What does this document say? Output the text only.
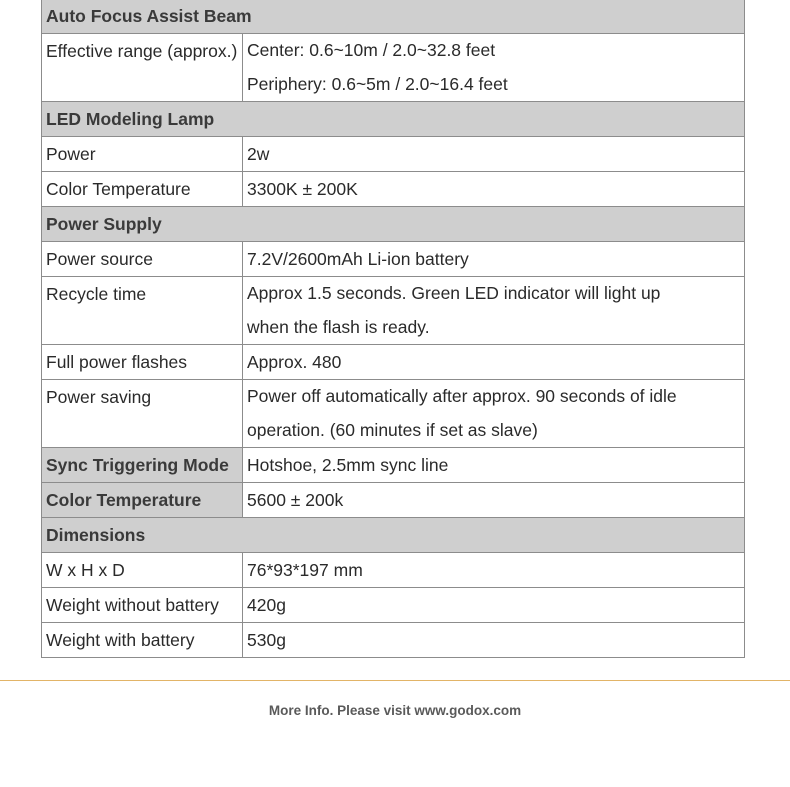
Auto Focus Assist Beam	
Effective range (approx.)	Center: 0.6~10m / 2.0~32.8 feet
Periphery: 0.6~5m / 2.0~16.4 feet

LED Modeling Lamp	
Power	2w
Color Temperature	3300K ± 200K
Power Supply	
Power source	7.2V/2600mAh Li-ion battery
Recycle time	Approx 1.5 seconds. Green LED indicator will light up
when the flash is ready.

Full power flashes	Approx. 480
Power saving	Power off automatically after approx. 90 seconds of idle
operation. (60 minutes if set as slave)

Sync Triggering Mode	Hotshoe, 2.5mm sync line
Color Temperature	5600 ± 200k
Dimensions	
W x H x D	76*93*197 mm
Weight without battery	420g
Weight with battery	530g
More Info. Please visit www.godox.com
